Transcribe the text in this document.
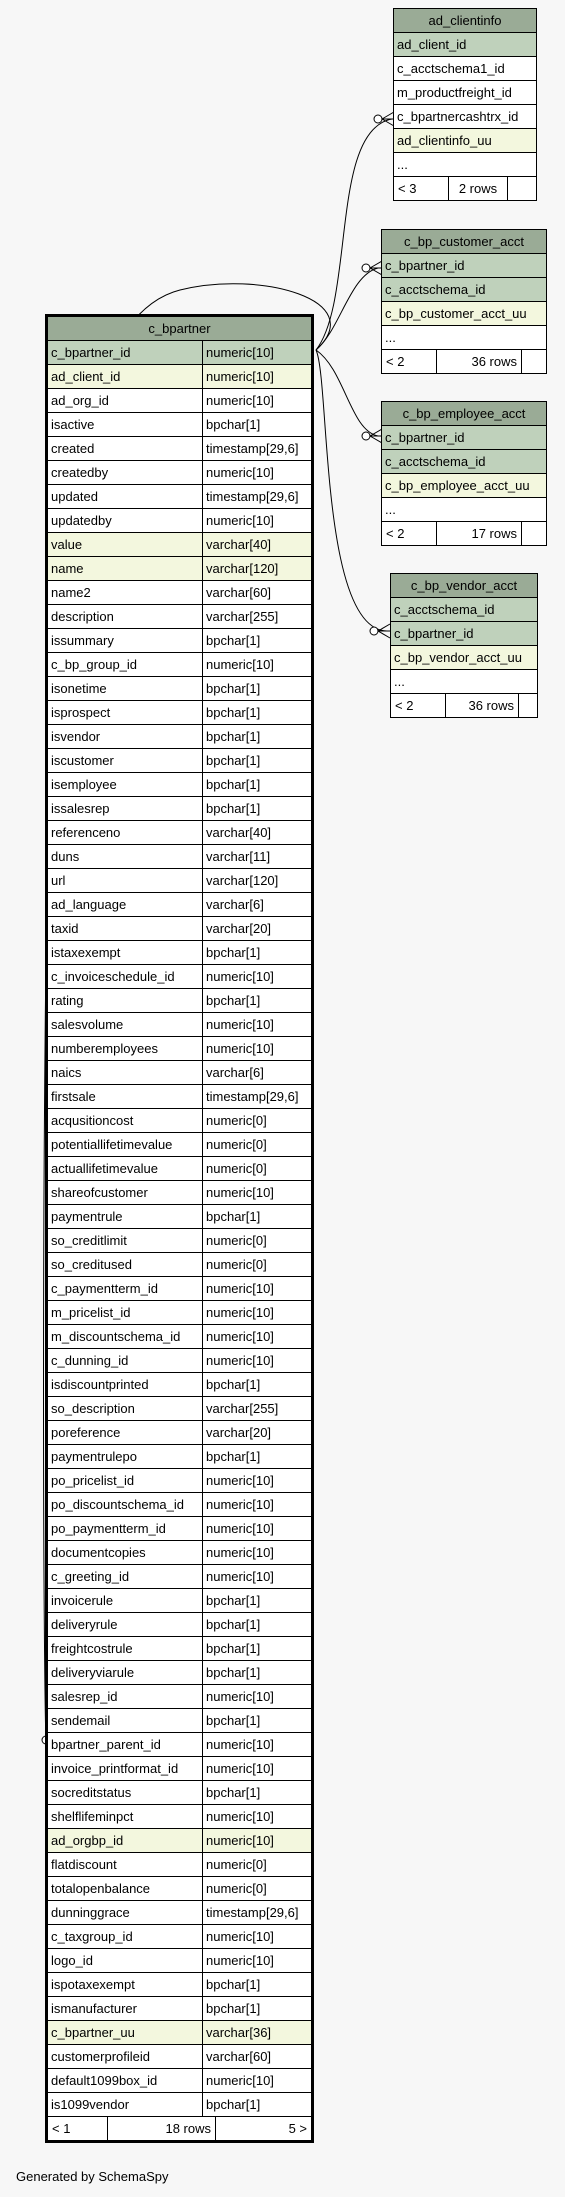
c_bpartner	
c_bpartner_id	numeric[10]
ad_client_id	numeric[10]
ad_org_id	numeric[10]
isactive	bpchar[1]
created	timestamp[29,6]
createdby	numeric[10]
updated	timestamp[29,6]
updatedby	numeric[10]
value	varchar[40]
name	varchar[120]
name2	varchar[60]
description	varchar[255]
issummary	bpchar[1]
c_bp_group_id	numeric[10]
isonetime	bpchar[1]
isprospect	bpchar[1]
isvendor	bpchar[1]
iscustomer	bpchar[1]
isemployee	bpchar[1]
issalesrep	bpchar[1]
referenceno	varchar[40]
duns	varchar[11]
url	varchar[120]
ad_language	varchar[6]
taxid	varchar[20]
istaxexempt	bpchar[1]
c_invoiceschedule_id	numeric[10]
rating	bpchar[1]
salesvolume	numeric[10]
numberemployees	numeric[10]
naics	varchar[6]
firstsale	timestamp[29,6]
acqusitioncost	numeric[0]
potentiallifetimevalue	numeric[0]
actuallifetimevalue	numeric[0]
shareofcustomer	numeric[10]
paymentrule	bpchar[1]
so_creditlimit	numeric[0]
so_creditused	numeric[0]
c_paymentterm_id	numeric[10]
m_pricelist_id	numeric[10]
m_discountschema_id	numeric[10]
c_dunning_id	numeric[10]
isdiscountprinted	bpchar[1]
so_description	varchar[255]
poreference	varchar[20]
paymentrulepo	bpchar[1]
po_pricelist_id	numeric[10]
po_discountschema_id	numeric[10]
po_paymentterm_id	numeric[10]
documentcopies	numeric[10]
c_greeting_id	numeric[10]
invoicerule	bpchar[1]
deliveryrule	bpchar[1]
freightcostrule	bpchar[1]
deliveryviarule	bpchar[1]
salesrep_id	numeric[10]
sendemail	bpchar[1]
bpartner_parent_id	numeric[10]
invoice_printformat_id	numeric[10]
socreditstatus	bpchar[1]
shelflifeminpct	numeric[10]
ad_orgbp_id	numeric[10]
flatdiscount	numeric[0]
totalopenbalance	numeric[0]
dunninggrace	timestamp[29,6]
c_taxgroup_id	numeric[10]
logo_id	numeric[10]
ispotaxexempt	bpchar[1]
ismanufacturer	bpchar[1]
c_bpartner_uu	varchar[36]
customerprofileid	varchar[60]
default1099box_id	numeric[10]
is1099vendor	bpchar[1]

< 1 18 rows 5 >	
ad_clientinfo
ad_client_id
c_acctschema1_id
m_productfreight_id
c_bpartnercashtrx_id
ad_clientinfo_uu
...

< 3	2 rows
c_bp_customer_acct
c_bpartner_id
c_acctschema_id
c_bp_customer_acct_uu
...

< 2	36 rows
c_bp_employee_acct
c_bpartner_id
c_acctschema_id
c_bp_employee_acct_uu
...

< 2	17 rows
c_bp_vendor_acct
c_acctschema_id
c_bpartner_id
c_bp_vendor_acct_uu
...

< 2	36 rows
Generated by SchemaSpy
